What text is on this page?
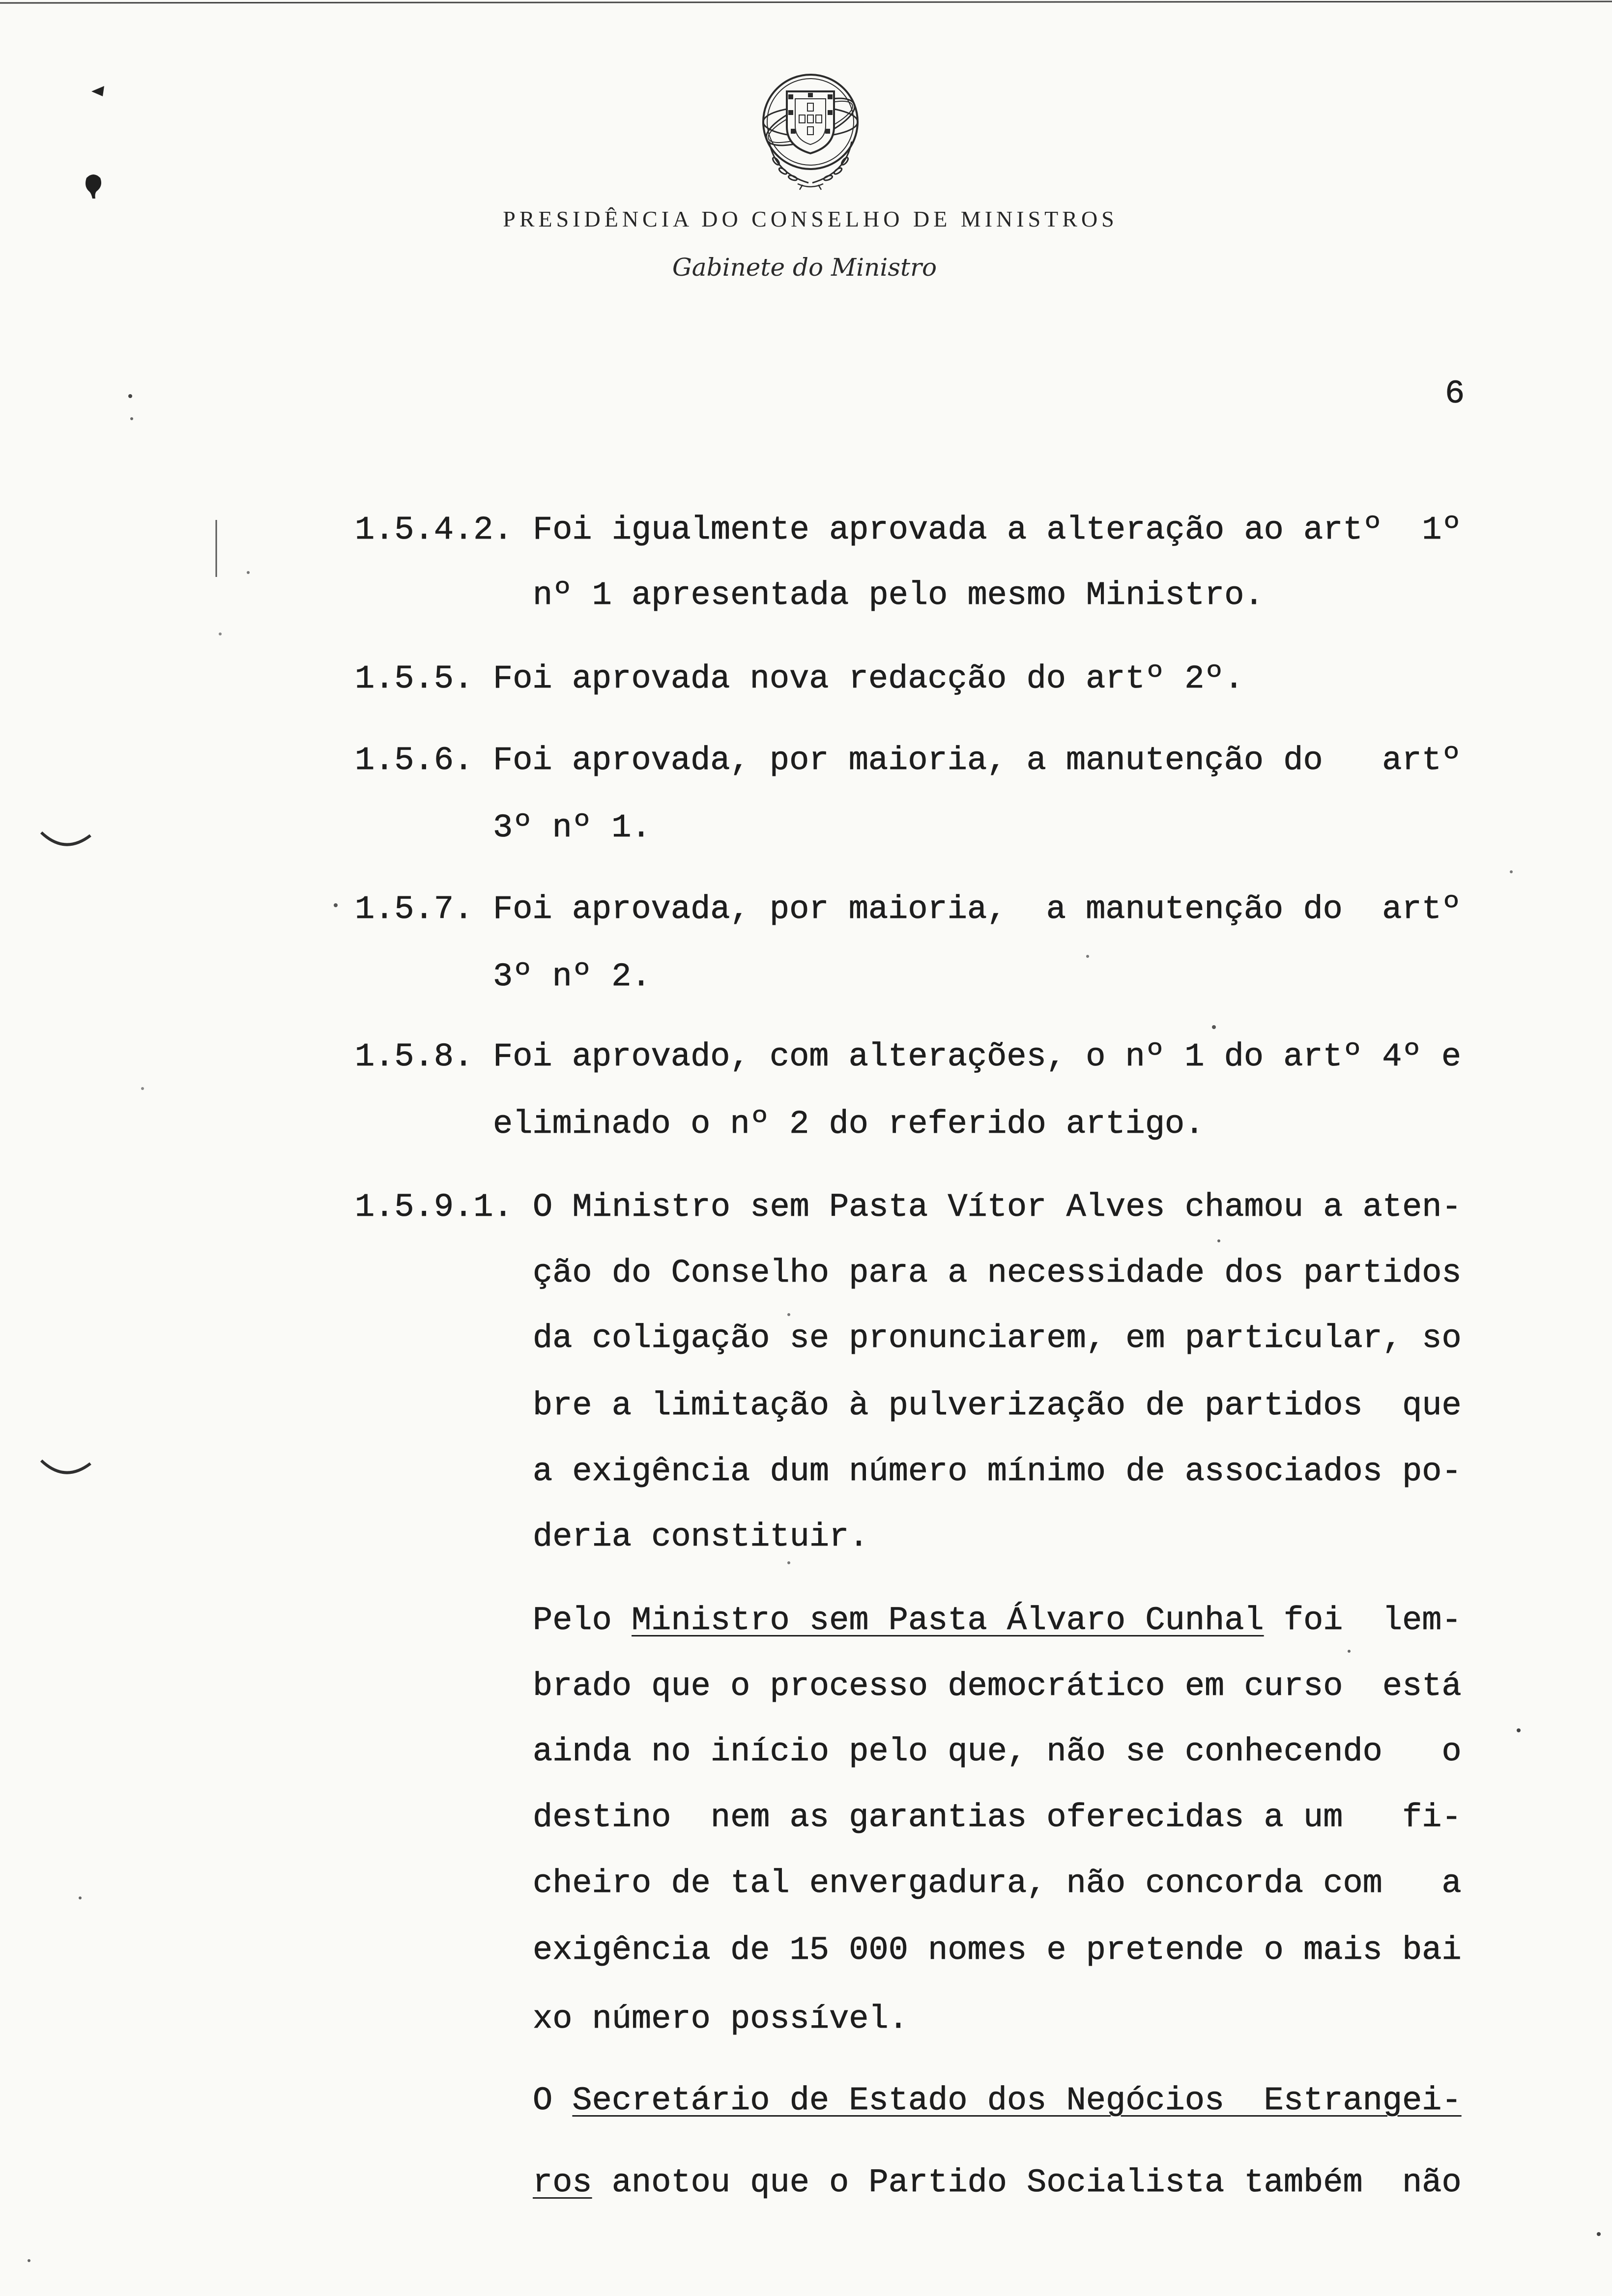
PRESIDÊNCIA DO CONSELHO DE MINISTROS
Gabinete do Ministro
6
1.5.4.2. Foi igualmente aprovada a alteração ao artº  1º
nº 1 apresentada pelo mesmo Ministro.
1.5.5. Foi aprovada nova redacção do artº 2º.
1.5.6. Foi aprovada, por maioria, a manutenção do   artº
3º nº 1.
1.5.7. Foi aprovada, por maioria,  a manutenção do  artº
3º nº 2.
1.5.8. Foi aprovado, com alterações, o nº 1 do artº 4º e
eliminado o nº 2 do referido artigo.
1.5.9.1. O Ministro sem Pasta Vítor Alves chamou a aten-
ção do Conselho para a necessidade dos partidos
da coligação se pronunciarem, em particular, so
bre a limitação à pulverização de partidos  que
a exigência dum número mínimo de associados po-
deria constituir.
Pelo Ministro sem Pasta Álvaro Cunhal foi  lem-
brado que o processo democrático em curso  está
ainda no início pelo que, não se conhecendo   o
destino  nem as garantias oferecidas a um   fi-
cheiro de tal envergadura, não concorda com   a
exigência de 15 000 nomes e pretende o mais bai
xo número possível.
O Secretário de Estado dos Negócios  Estrangei-
ros anotou que o Partido Socialista também  não
